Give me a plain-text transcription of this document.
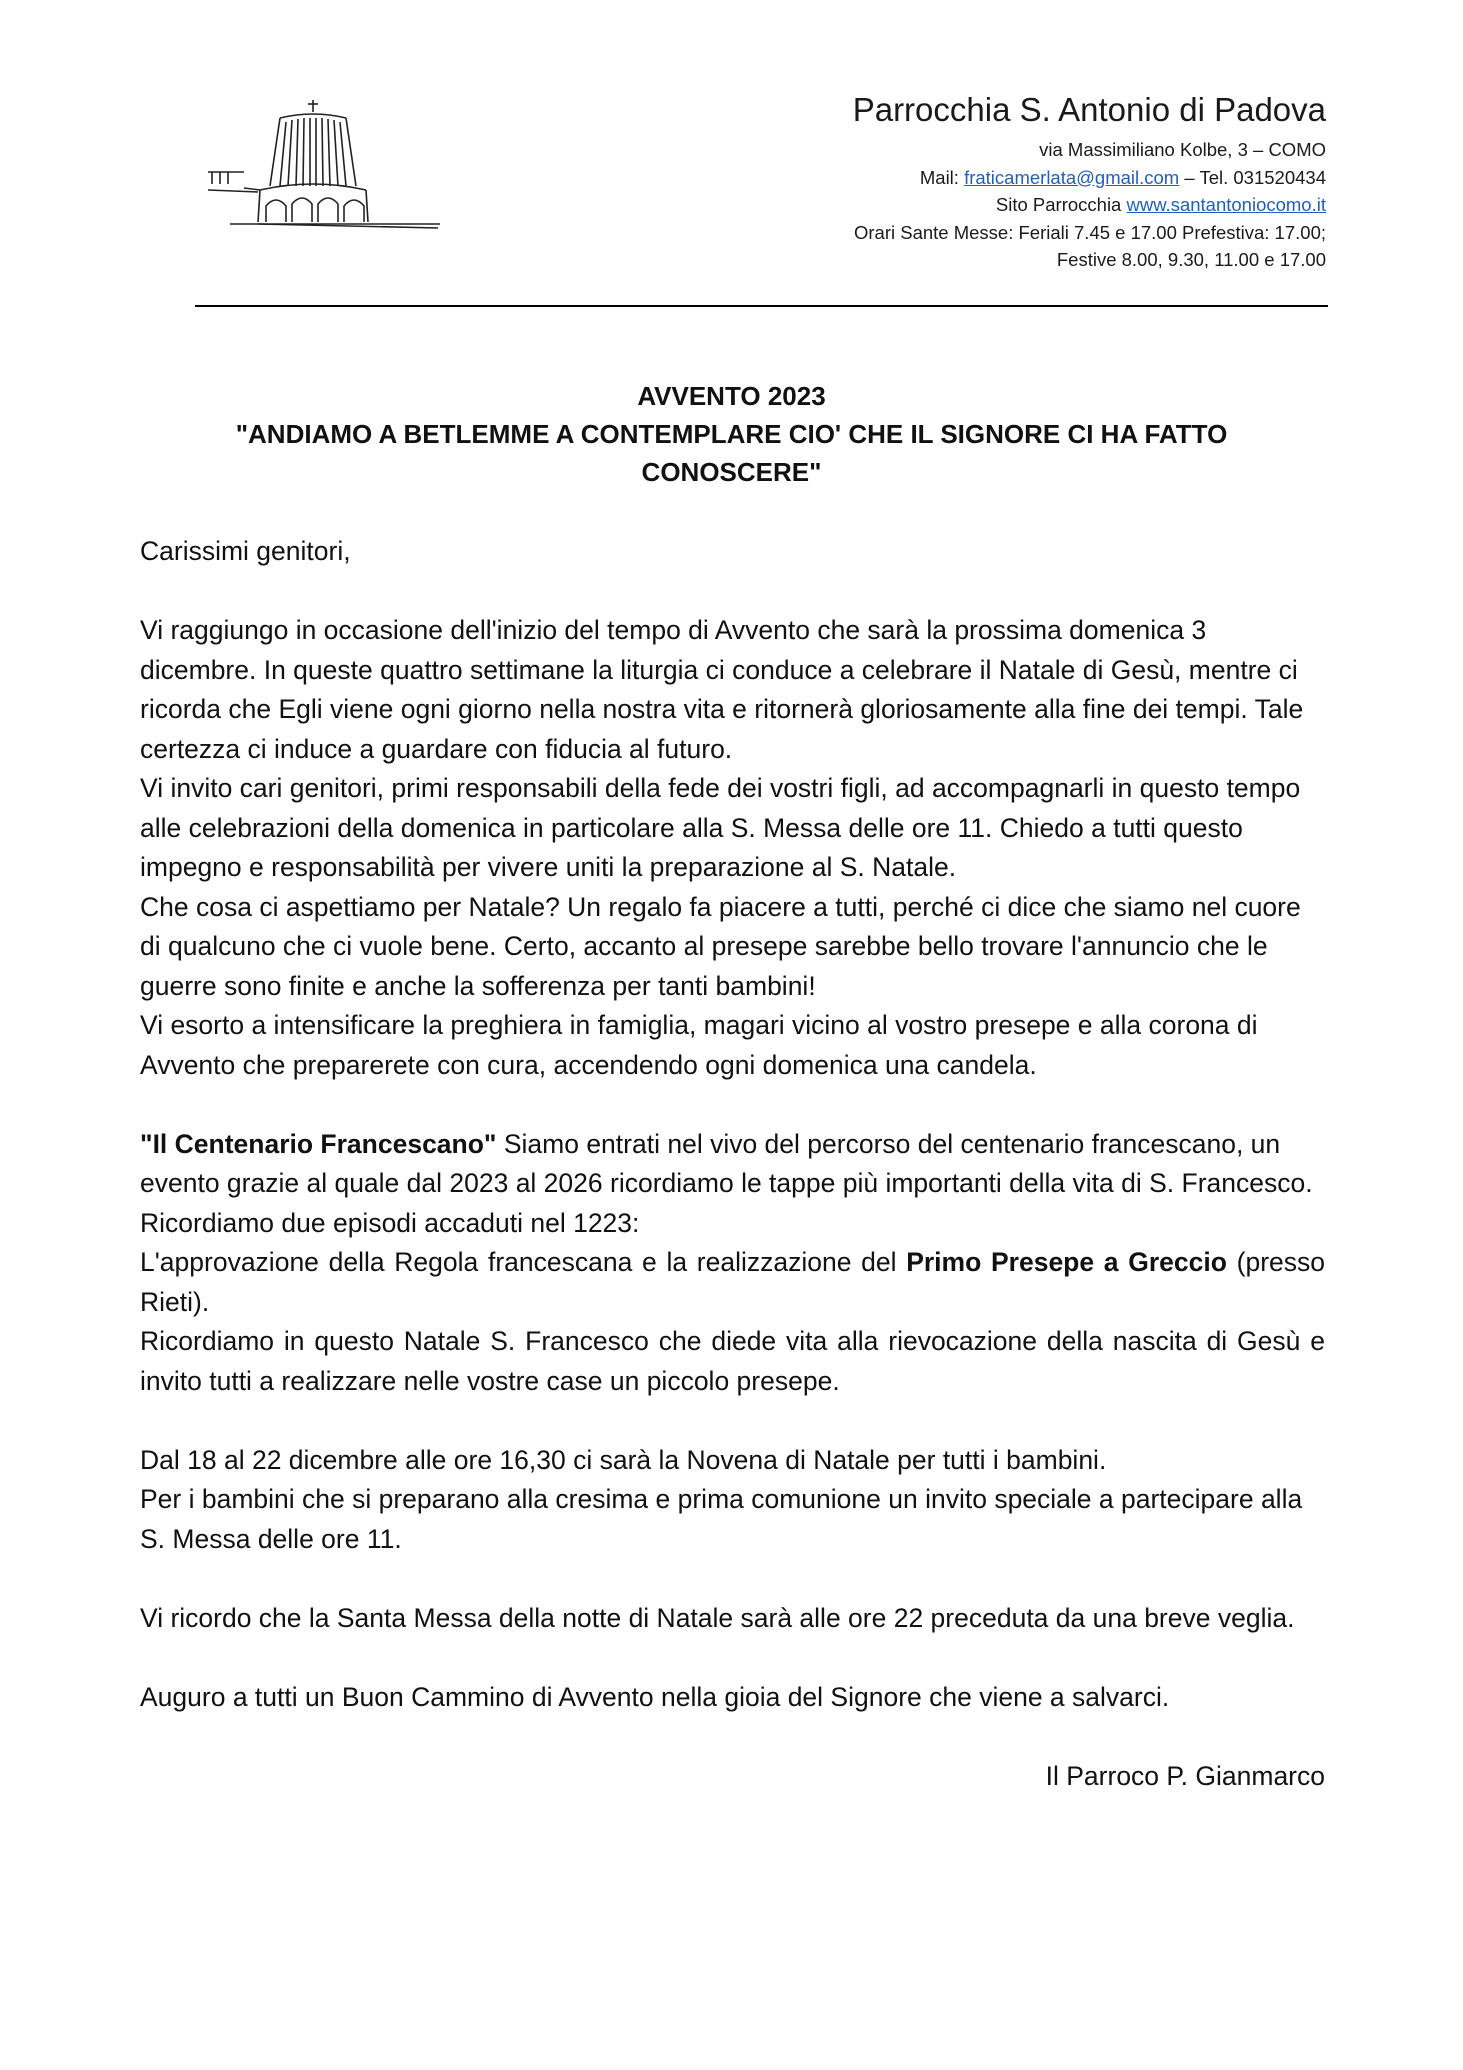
Parrocchia S. Antonio di Padova
via Massimiliano Kolbe, 3 – COMO
Mail: fraticamerlata@gmail.com – Tel. 031520434
Sito Parrocchia www.santantoniocomo.it
Orari Sante Messe: Feriali 7.45 e 17.00 Prefestiva: 17.00;
Festive 8.00, 9.30, 11.00 e 17.00
AVVENTO 2023
"ANDIAMO A BETLEMME A CONTEMPLARE CIO' CHE IL SIGNORE CI HA FATTO CONOSCERE"

Carissimi genitori,

Vi raggiungo in occasione dell'inizio del tempo di Avvento che sarà la prossima domenica 3 dicembre. In queste quattro settimane la liturgia ci conduce a celebrare il Natale di Gesù, mentre ci ricorda che Egli viene ogni giorno nella nostra vita e ritornerà gloriosamente alla fine dei tempi. Tale certezza ci induce a guardare con fiducia al futuro.

Vi invito cari genitori, primi responsabili della fede dei vostri figli, ad accompagnarli in questo tempo alle celebrazioni della domenica in particolare alla S. Messa delle ore 11. Chiedo a tutti questo impegno e responsabilità per vivere uniti la preparazione al S. Natale.

Che cosa ci aspettiamo per Natale? Un regalo fa piacere a tutti, perché ci dice che siamo nel cuore di qualcuno che ci vuole bene. Certo, accanto al presepe sarebbe bello trovare l'annuncio che le guerre sono finite e anche la sofferenza per tanti bambini!

Vi esorto a intensificare la preghiera in famiglia, magari vicino al vostro presepe e alla corona di Avvento che preparerete con cura, accendendo ogni domenica una candela.

"Il Centenario Francescano" Siamo entrati nel vivo del percorso del centenario francescano, un evento grazie al quale dal 2023 al 2026 ricordiamo le tappe più importanti della vita di S. Francesco.

Ricordiamo due episodi accaduti nel 1223:

L'approvazione della Regola francescana e la realizzazione del Primo Presepe a Greccio (presso Rieti).

Ricordiamo in questo Natale S. Francesco che diede vita alla rievocazione della nascita di Gesù e invito tutti a realizzare nelle vostre case un piccolo presepe.

Dal 18 al 22 dicembre alle ore 16,30 ci sarà la Novena di Natale per tutti i bambini.

Per i bambini che si preparano alla cresima e prima comunione un invito speciale a partecipare alla S. Messa delle ore 11.

Vi ricordo che la Santa Messa della notte di Natale sarà alle ore 22 preceduta da una breve veglia.

Auguro a tutti un Buon Cammino di Avvento nella gioia del Signore che viene a salvarci.

Il Parroco P. Gianmarco
